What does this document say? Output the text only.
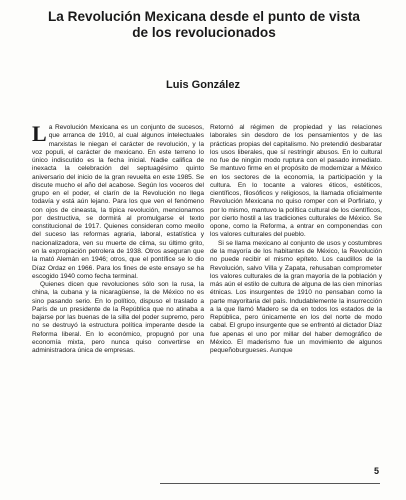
La Revolución Mexicana desde el punto de vista
de los revolucionados

Luis González

La Revolución Mexicana es un conjunto de sucesos, que arranca de 1910, al cual algunos intelectuales marxistas le niegan el carácter de revolución, y la voz populi, el carácter de mexicano. En este terreno lo único indiscutido es la fecha inicial. Nadie califica de inexacta la celebración del septuagésimo quinto aniversario del inicio de la gran revuelta en este 1985. Se discute mucho el año del acabose. Según los voceros del grupo en el poder, el clarín de la Revolución no llega todavía y está aún lejano. Para los que ven el fenómeno con ojos de cineasta, la típica revolución, mencionamos por destructiva, se dormirá al promulgarse el texto constitucional de 1917. Quienes consideran como meollo del suceso las reformas agraria, laboral, estatística y nacionalizadora, ven su muerte de clima, su último grito, en la expropiación petrolera de 1938. Otros aseguran que la mató Alemán en 1946; otros, que el pontífice se lo dio Díaz Ordaz en 1966. Para los fines de este ensayo se ha escogido 1940 como fecha terminal.

Quienes dicen que revoluciones sólo son la rusa, la china, la cubana y la nicaragüense, la de México no es sino pasando serio. En lo político, dispuso el traslado a París de un presidente de la República que no atinaba a bajarse por las buenas de la silla del poder supremo, pero no se destruyó la estructura política imperante desde la Reforma liberal. En lo económico, propugnó por una economía mixta, pero nunca quiso convertirse en administradora única de empresas.

Retornó al régimen de propiedad y las relaciones laborales sin desdoro de los pensamientos y de las prácticas propias del capitalismo. No pretendió desbaratar los usos liberales, que sí restringir abusos. En lo cultural no fue de ningún modo ruptura con el pasado inmediato. Se mantuvo firme en el propósito de modernizar a México en los sectores de la economía, la participación y la cultura. En lo tocante a valores éticos, estéticos, científicos, filosóficos y religiosos, la llamada oficialmente Revolución Mexicana no quiso romper con el Porfiriato, y por lo mismo, mantuvo la política cultural de los científicos, por cierto hostil a las tradiciones culturales de México. Se opone, como la Reforma, a entrar en componendas con los valores culturales del pueblo.

Si se llama mexicano al conjunto de usos y costumbres de la mayoría de los habitantes de México, la Revolución no puede recibir el mismo epíteto. Los caudillos de la Revolución, salvo Villa y Zapata, rehusaban comprometer los valores culturales de la gran mayoría de la población y más aún el estilo de cultura de alguna de las cien minorías étnicas. Los insurgentes de 1910 no pensaban como la parte mayoritaria del país. Indudablemente la insurrección a la que llamó Madero se da en todos los estados de la República, pero únicamente en los del norte de modo cabal. El grupo insurgente que se enfrentó al dictador Díaz fue apenas el uno por millar del haber demográfico de México. El maderismo fue un movimiento de algunos pequeñoburgueses. Aunque

5
